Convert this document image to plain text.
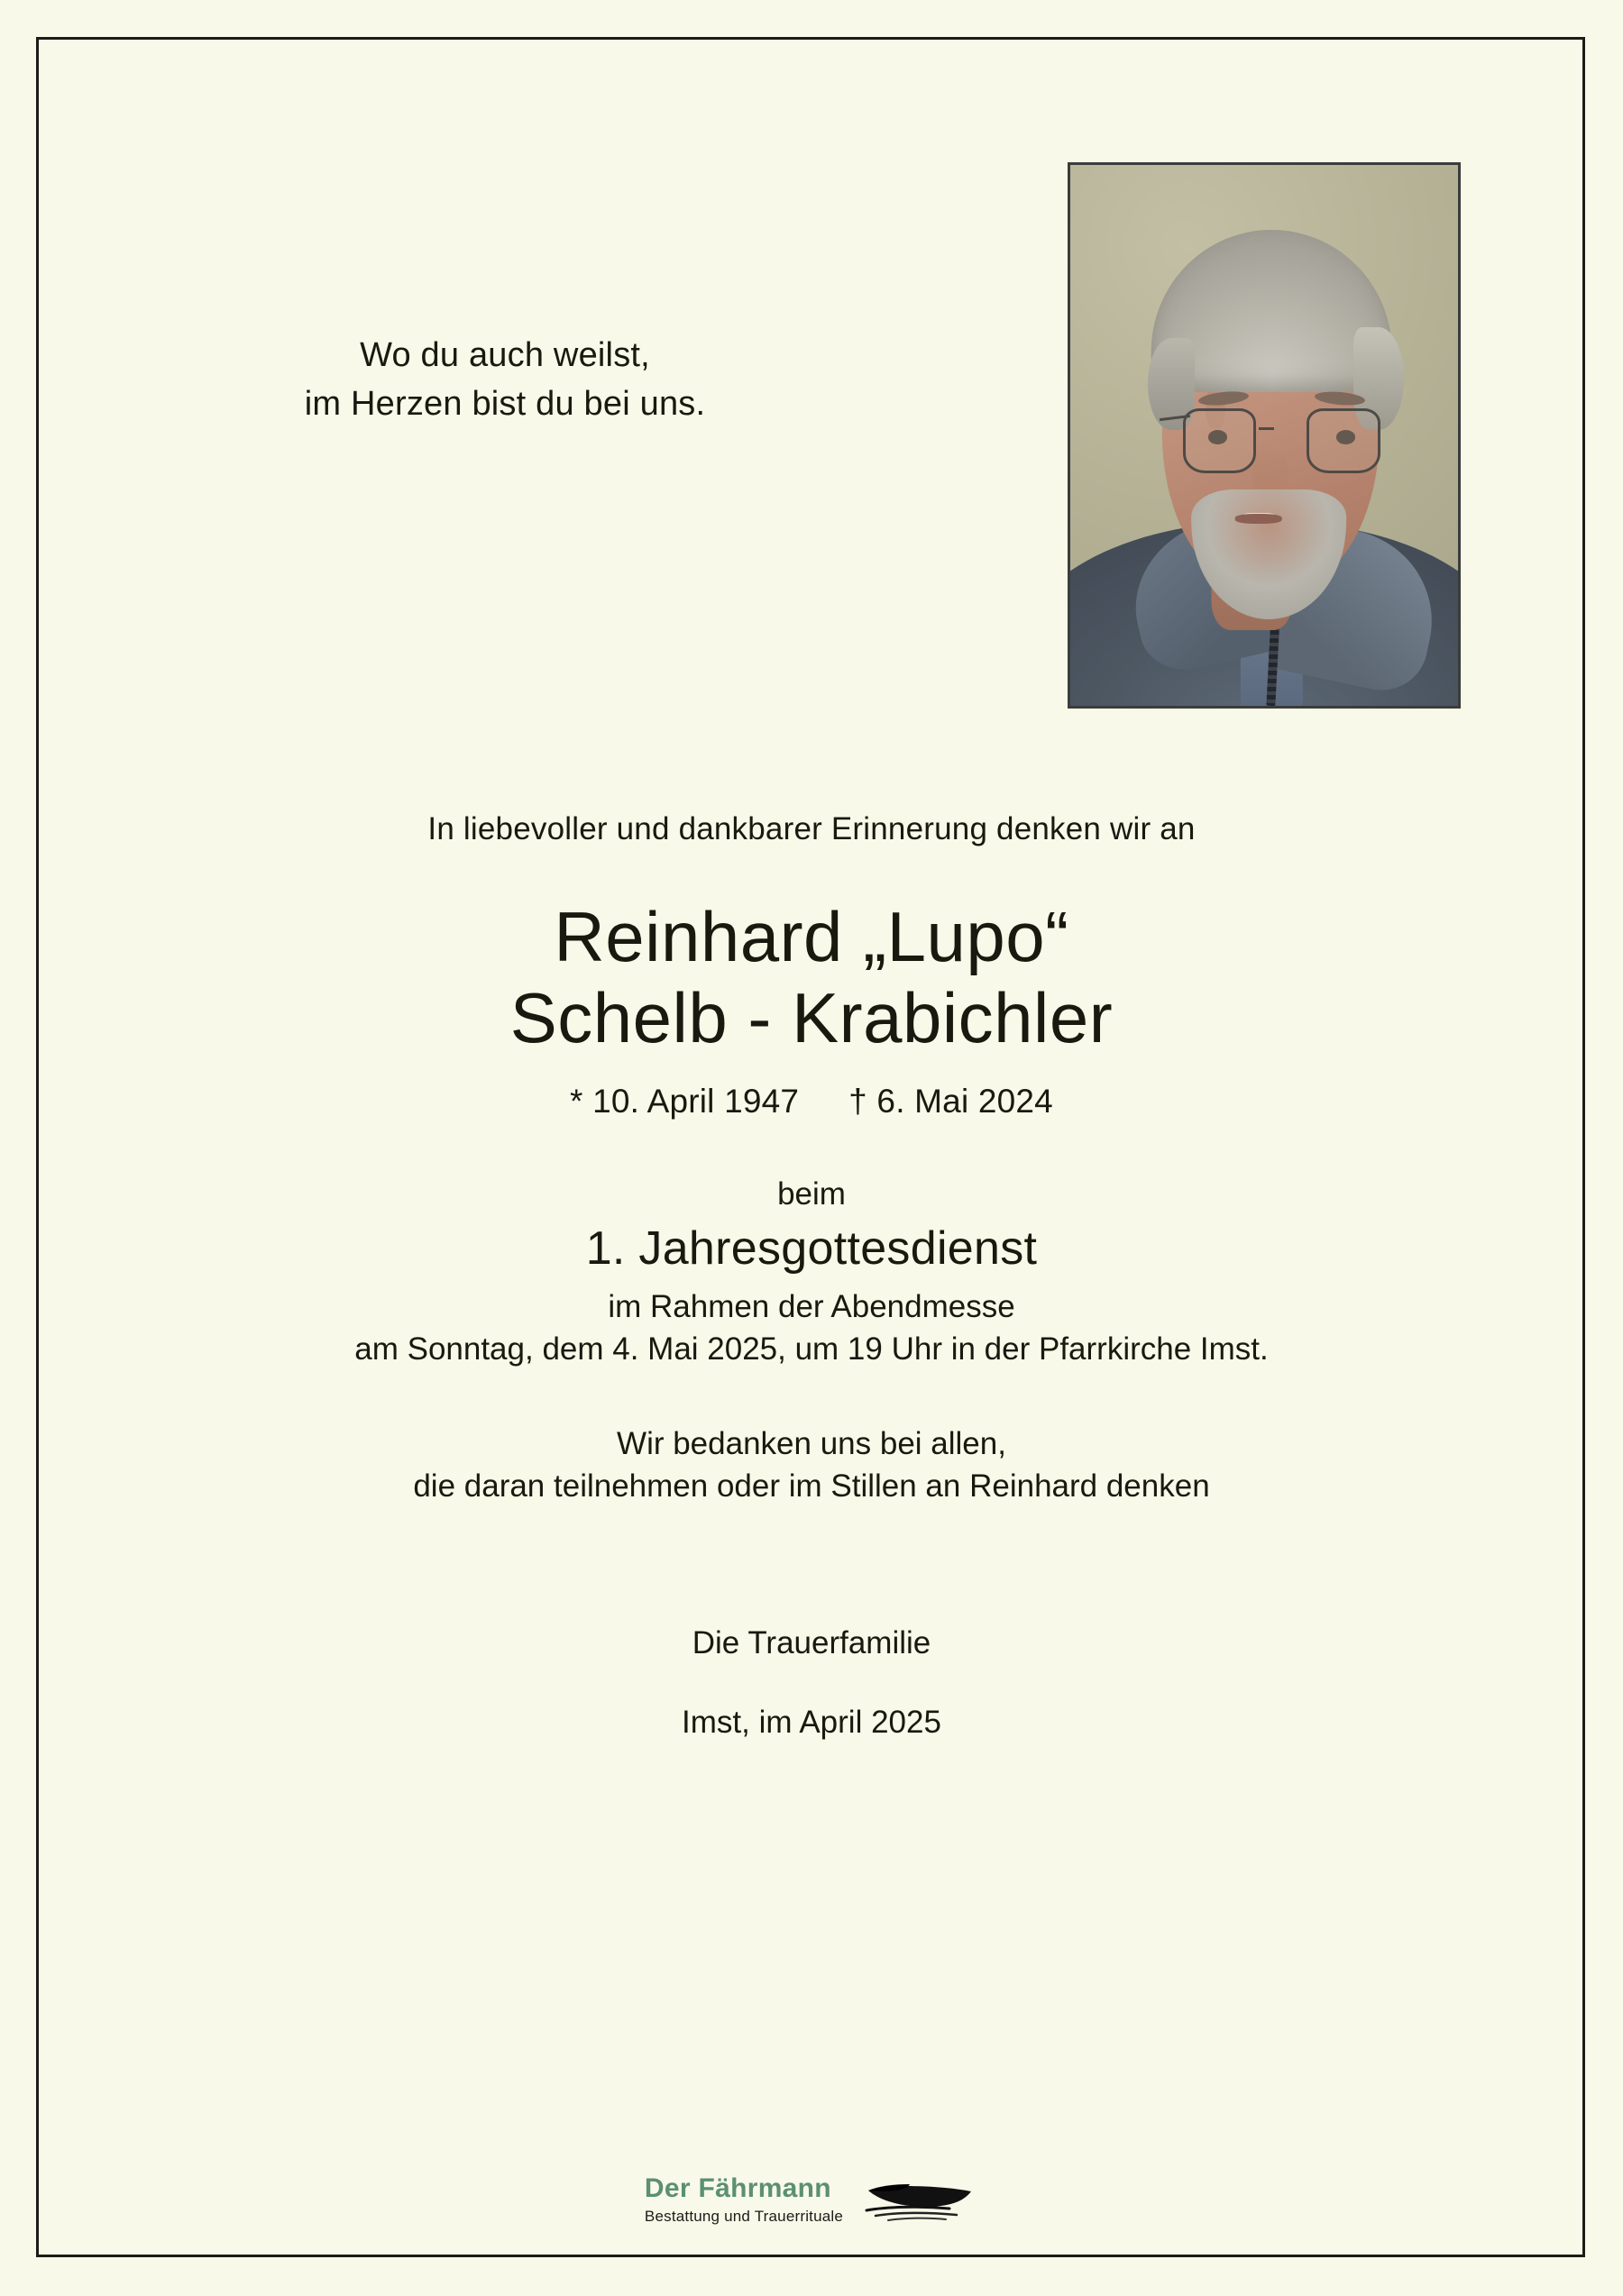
Wo du auch weilst,
im Herzen bist du bei uns.
In liebevoller und dankbarer Erinnerung denken wir an
Reinhard „Lupo“
Schelb - Krabichler
* 10. April 1947 † 6. Mai 2024
beim
1. Jahresgottesdienst
im Rahmen der Abendmesse
am Sonntag, dem 4. Mai 2025, um 19 Uhr in der Pfarrkirche Imst.
Wir bedanken uns bei allen,
die daran teilnehmen oder im Stillen an Reinhard denken
Die Trauerfamilie
Imst, im April 2025
Der Fährmann
Bestattung und Trauerrituale
